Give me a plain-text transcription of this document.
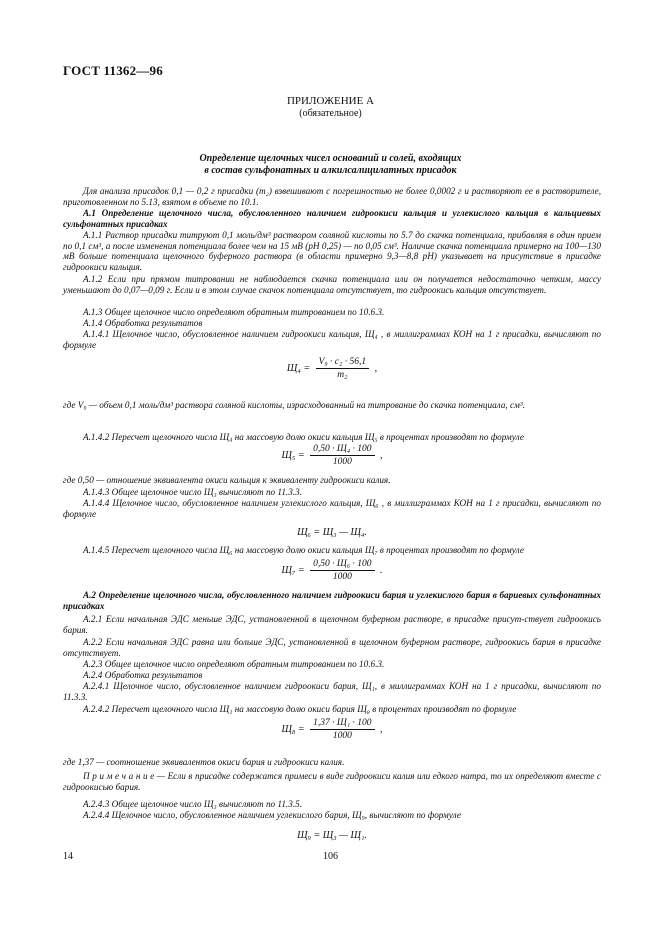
ГОСТ 11362—96
ПРИЛОЖЕНИЕ А
(обязательное)
Определение щелочных чисел оснований и солей, входящих
в состав сульфонатных и алкилсалицилатных присадок
Для анализа присадок 0,1 — 0,2 г присадки (m₂) взвешивают с погрешностью не более 0,0002 г и растворяют ее в растворителе, приготовленном по 5.13, взятом в объеме по 10.1.
А.1 Определение щелочного числа, обусловленного наличием гидроокиси кальция и углекислого кальция в кальциевых сульфонатных присадках
А.1.1 Раствор присадки титруют 0,1 моль/дм³ раствором соляной кислоты по 5.7 до скачка потенциала, прибавляя в один прием по 0,1 см³, а после изменения потенциала более чем на 15 мВ (рН 0,25) — по 0,05 см³. Наличие скачка потенциала примерно на 100—130 мВ больше потенциала щелочного буферного раствора (в области примерно 9,3—8,8 рН) указывает на присутствие в присадке гидроокиси кальция.
А.1.2 Если при прямом титровании не наблюдается скачка потенциала или он получается недостаточно четким, массу уменьшают до 0,07—0,09 г. Если и в этом случае скачок потенциала отсутствует, то гидроокись кальция отсутствует.
А.1.3 Общее щелочное число определяют обратным титрованием по 10.6.3.
А.1.4 Обработка результатов
А.1.4.1 Щелочное число, обусловленное наличием гидроокиси кальция, Щ₄ , в миллиграммах КОН на 1 г присадки, вычисляют по формуле
$Щ_4 = \frac{\text{V₉ · c₂ · 56,1}}{\text{m₂}}$ ,
где V₉ — объем 0,1 моль/дм³ раствора соляной кислоты, израсходованный на титрование до скачка потенциала, см³.
А.1.4.2 Пересчет щелочного числа Щ₄ на массовую долю окиси кальция Щ₅ в процентах производят по формуле
$Щ_5 = \frac{\text{0,50 · Щ₄ · 100}}{1000}$ ,
где 0,50 — отношение эквивалента окиси кальция к эквиваленту гидроокиси калия.
А.1.4.3 Общее щелочное число Щ₃ вычисляют по 11.3.3.
А.1.4.4 Щелочное число, обусловленное наличием углекислого кальция, Щ₆ , в миллиграммах КОН на 1 г присадки, вычисляют по формуле
Щ₆ = Щ₃ — Щ₄.
А.1.4.5 Пересчет щелочного числа Щ₆ на массовую долю окиси кальция Щ₇ в процентах производят по формуле
$Щ_7 = \frac{\text{0,50 · Щ₆ · 100}}{1000}$ .
А.2 Определение щелочного числа, обусловленного наличием гидроокиси бария и углекислого бария в бариевых сульфонатных присадках
А.2.1 Если начальная ЭДС меньше ЭДС, установленной в щелочном буферном растворе, в присадке присут-ствует гидроокись бария.
А.2.2 Если начальная ЭДС равна или больше ЭДС, установленной в щелочном буферном растворе, гидроокись бария в присадке отсутствует.
А.2.3 Общее щелочное число определяют обратным титрованием по 10.6.3.
А.2.4 Обработка результатов
А.2.4.1 Щелочное число, обусловленное наличием гидроокиси бария, Щ₁, в миллиграммах КОН на 1 г присадки, вычисляют по 11.3.3.
А.2.4.2 Пересчет щелочного числа Щ₁ на массовую долю окиси бария Щ₈ в процентах производят по формуле
$Щ_8 = \frac{\text{1,37 · Щ₁ · 100}}{1000}$ ,
где 1,37 — соотношение эквивалентов окиси бария и гидроокиси калия.
П р и м е ч а н и е — Если в присадке содержатся примеси в виде гидроокиси калия или едкого натра, то их определяют вместе с гидроокисью бария.
А.2.4.3 Общее щелочное число Щ₃ вычисляют по 11.3.5.
А.2.4.4 Щелочное число, обусловленное наличием углекислого бария, Щ₉, вычисляют по формуле
Щ₉ = Щ₃ — Щ₁.
14	106
